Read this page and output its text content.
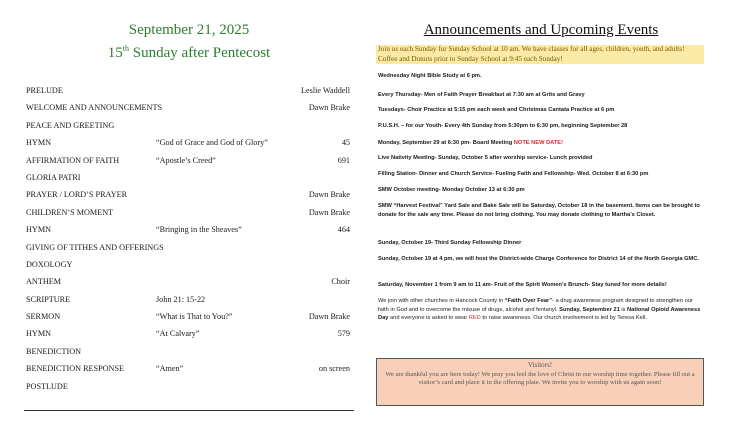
September 21, 2025
15th Sunday after Pentecost
PRELUDE	Leslie Waddell
WELCOME AND ANNOUNCEMENTS	Dawn Brake
PEACE AND GREETING
HYMN	“God of Grace and God of Glory”	45
AFFIRMATION OF FAITH	“Apostle’s Creed”	691
GLORIA PATRI
PRAYER / LORD’S PRAYER	Dawn Brake
CHILDREN’S MOMENT	Dawn Brake
HYMN	“Bringing in the Sheaves”	464
GIVING OF TITHES AND OFFERINGS
DOXOLOGY
ANTHEM	Choir
SCRIPTURE	John 21: 15-22
SERMON	“What is That to You?”	Dawn Brake
HYMN	“At Calvary”	579
BENEDICTION
BENEDICTION RESPONSE	“Amen”	on screen
POSTLUDE
Announcements and Upcoming Events
Join us each Sunday for Sunday School at 10 am. We have classes for all ages, children, youth, and adults! Coffee and Donuts prior to Sunday School at 9:45 each Sunday!
Wednesday Night Bible Study at 6 pm.
Every Thursday- Men of Faith Prayer Breakfast at 7:30 am at Grits and Gravy
Tuesdays- Choir Practice at 5:15 pm each week and Christmas Cantata Practice at 6 pm
P.U.S.H. – for our Youth- Every 4th Sunday from 5:30pm to 6:30 pm, beginning September 28
Monday, September 29 at 6:30 pm- Board Meeting NOTE NEW DATE!
Live Nativity Meeting- Sunday, October 5 after worship service- Lunch provided
Filling Station- Dinner and Church Service- Fueling Faith and Fellowship- Wed. October 8 at 6:30 pm
SMW October meeting- Monday October 13 at 6:30 pm
SMW “Harvest Festival” Yard Sale and Bake Sale will be Saturday, October 18 in the basement. Items can be brought to donate for the sale any time. Please do not bring clothing. You may donate clothing to Martha’s Closet.
Sunday, October 19- Third Sunday Fellowship Dinner
Sunday, October 19 at 4 pm, we will host the District-wide Charge Conference for District 14 of the North Georgia GMC.
Saturday, November 1 from 9 am to 11 am- Fruit of the Spirit Women’s Brunch- Stay tuned for more details!
We join with other churches in Hancock County in “Faith Over Fear”- a drug awareness program designed to strengthen our faith in God and to overcome the misuse of drugs, alcohol and fentanyl. Sunday, September 21 is National Opioid Awareness Day and everyone is asked to wear RED to raise awareness. Our church involvement is led by Teresa Kell.
Visitors!
We are thankful you are here today! We pray you feel the love of Christ in our worship time together. Please fill out a visitor’s card and place it in the offering plate. We invite you to worship with us again soon!
